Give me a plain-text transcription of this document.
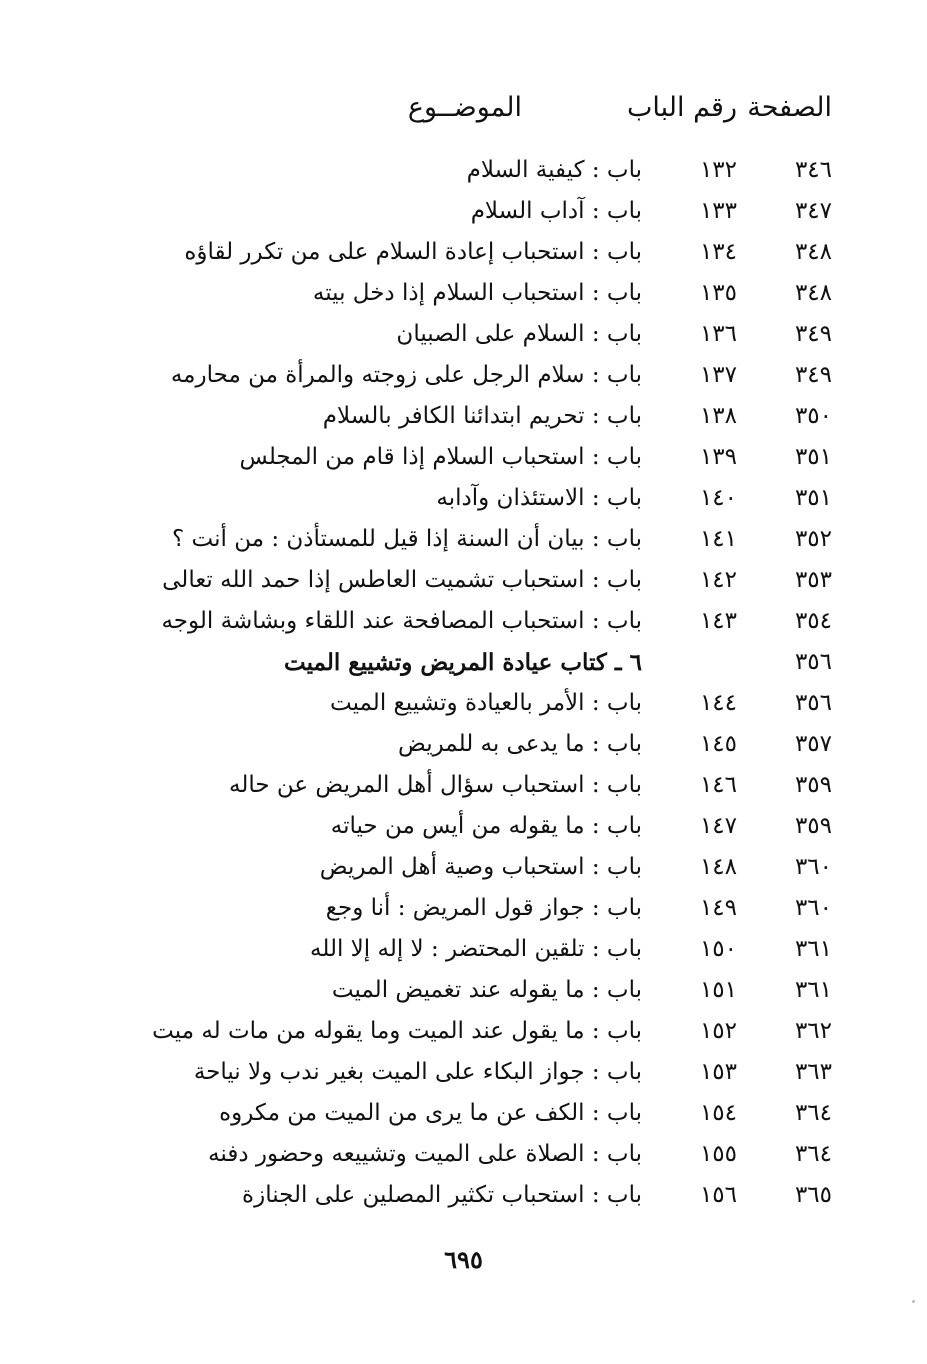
الصفحة
رقم الباب
الموضــوع
٣٤٦
١٣٢
باب : كيفية السلام
٣٤٧
١٣٣
باب : آداب السلام
٣٤٨
١٣٤
باب : استحباب إعادة السلام على من تكرر لقاؤه
٣٤٨
١٣٥
باب : استحباب السلام إذا دخل بيته
٣٤٩
١٣٦
باب : السلام على الصبيان
٣٤٩
١٣٧
باب : سلام الرجل على زوجته والمرأة من محارمه
٣٥٠
١٣٨
باب : تحريم ابتدائنا الكافر بالسلام
٣٥١
١٣٩
باب : استحباب السلام إذا قام من المجلس
٣٥١
١٤٠
باب : الاستئذان وآدابه
٣٥٢
١٤١
باب : بيان أن السنة إذا قيل للمستأذن : من أنت ؟
٣٥٣
١٤٢
باب : استحباب تشميت العاطس إذا حمد الله تعالى
٣٥٤
١٤٣
باب : استحباب المصافحة عند اللقاء وبشاشة الوجه
٣٥٦
٦ ـ كتاب عيادة المريض وتشييع الميت
٣٥٦
١٤٤
باب : الأمر بالعيادة وتشييع الميت
٣٥٧
١٤٥
باب : ما يدعى به للمريض
٣٥٩
١٤٦
باب : استحباب سؤال أهل المريض عن حاله
٣٥٩
١٤٧
باب : ما يقوله من أيس من حياته
٣٦٠
١٤٨
باب : استحباب وصية أهل المريض
٣٦٠
١٤٩
باب : جواز قول المريض : أنا وجع
٣٦١
١٥٠
باب : تلقين المحتضر : لا إله إلا الله
٣٦١
١٥١
باب : ما يقوله عند تغميض الميت
٣٦٢
١٥٢
باب : ما يقول عند الميت وما يقوله من مات له ميت
٣٦٣
١٥٣
باب : جواز البكاء على الميت بغير ندب ولا نياحة
٣٦٤
١٥٤
باب : الكف عن ما يرى من الميت من مكروه
٣٦٤
١٥٥
باب : الصلاة على الميت وتشييعه وحضور دفنه
٣٦٥
١٥٦
باب : استحباب تكثير المصلين على الجنازة
٦٩٥
